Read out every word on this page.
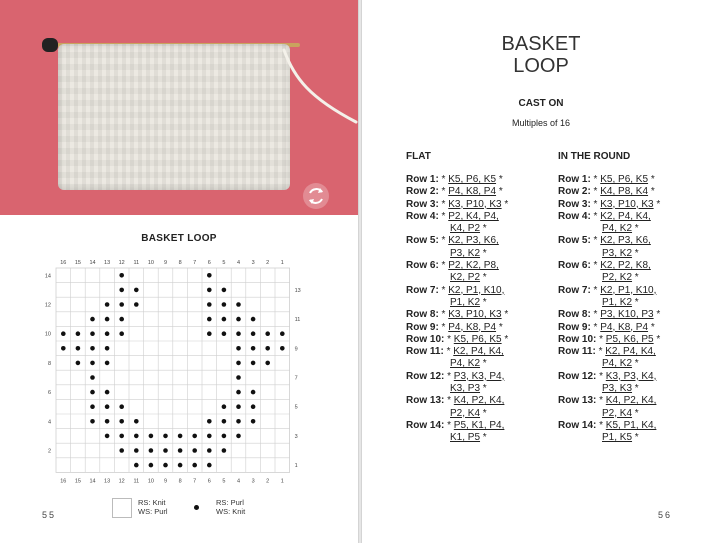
BASKET LOOP
16
16
15
15
14
14
13
13
12
12
11
11
10
10
9
9
8
8
7
7
6
6
5
5
4
4
3
3
2
2
1
1
14
12
10
8
6
4
2
13
11
9
7
5
3
1
RS: Knit
WS: Purl
RS: Purl
WS: Knit
55
BASKET
LOOP
CAST ON
Multiples of 16
FLAT	IN THE ROUND
Row 1: * K5, P6, K5 *
Row 2: * P4, K8, P4 *
Row 3: * K3, P10, K3 *
Row 4: * P2, K4, P4,
K4, P2 *
Row 5: * K2, P3, K6,
P3, K2 *
Row 6: * P2, K2, P8,
K2, P2 *
Row 7: * K2, P1, K10,
P1, K2 *
Row 8: * K3, P10, K3 *
Row 9: * P4, K8, P4 *
Row 10: * K5, P6, K5 *
Row 11: * K2, P4, K4,
P4, K2 *
Row 12: * P3, K3, P4,
K3, P3 *
Row 13: * K4, P2, K4,
P2, K4 *
Row 14: * P5, K1, P4,
K1, P5 *
Row 1: * K5, P6, K5 *
Row 2: * K4, P8, K4 *
Row 3: * K3, P10, K3 *
Row 4: * K2, P4, K4,
P4, K2 *
Row 5: * K2, P3, K6,
P3, K2 *
Row 6: * K2, P2, K8,
P2, K2 *
Row 7: * K2, P1, K10,
P1, K2 *
Row 8: * P3, K10, P3 *
Row 9: * P4, K8, P4 *
Row 10: * P5, K6, P5 *
Row 11: * K2, P4, K4,
P4, K2 *
Row 12: * K3, P3, K4,
P3, K3 *
Row 13: * K4, P2, K4,
P2, K4 *
Row 14: * K5, P1, K4,
P1, K5 *
56
